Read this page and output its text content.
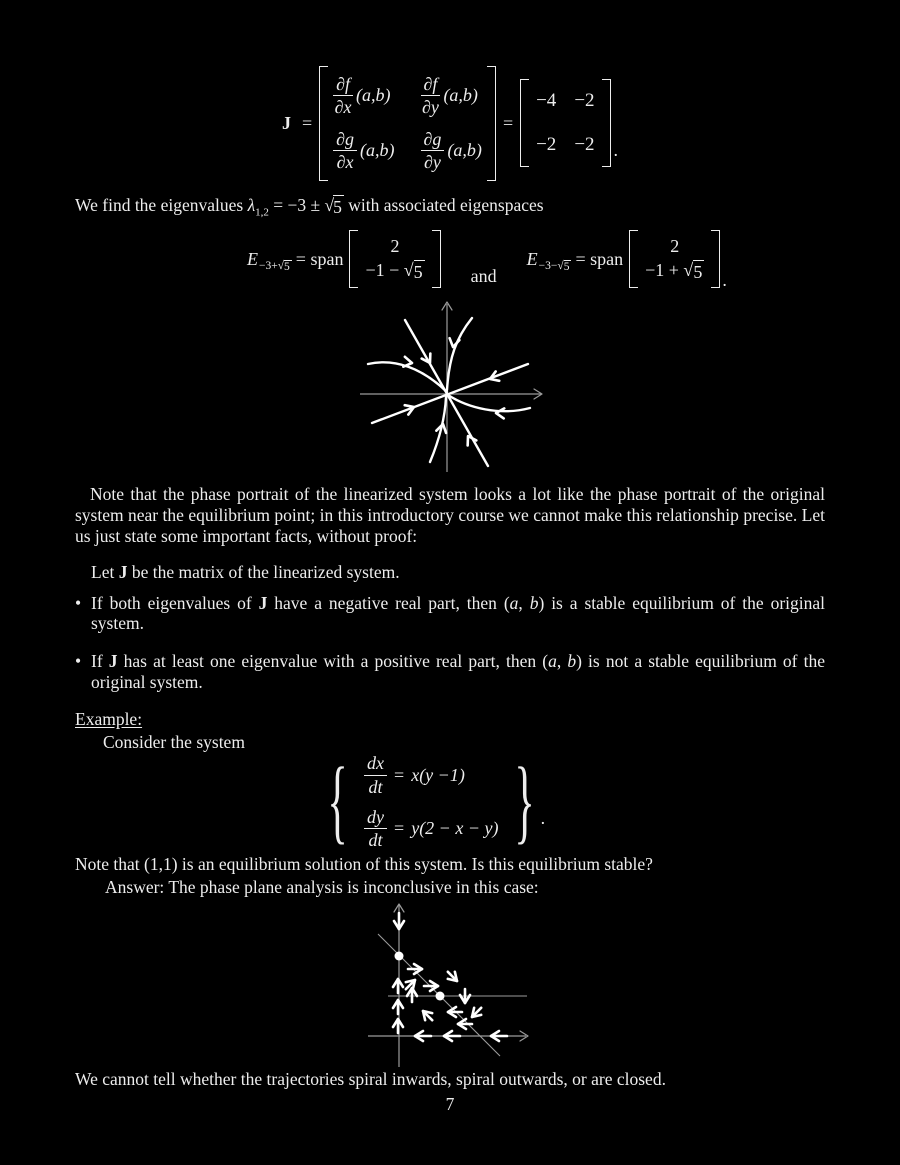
J =
$\frac{\partial f}{\partial x} (a,b) \frac{\partial f}{\partial y} (a,b)$
$\frac{\partial g}{\partial x} (a,b) \frac{\partial g}{\partial y} (a,b)$
=
−4 −2
−2 −2 .
We find the eigenvalues $\lambda_{1,2} = -3$ ± √ 5 with associated eigenspaces
E −3+ √ 5 = span
2
−1 − √ 5	and
E −3− √ 5 = span
2
−1 + √ 5 .
Note that the phase portrait of the linearized system looks a lot like the phase portrait of the original system near the equilibrium point; in this introductory course we cannot make this relationship precise. Let us just state some important facts, without proof:
Let J be the matrix of the linearized system.
• If both eigenvalues of J have a negative real part, then (a, b) is a stable equilibrium of the original system.
• If J has at least one eigenvalue with a positive real part, then (a, b) is not a stable equilibrium of the original system.
Example:
Consider the system
{ $\frac{dx}{dt} = x(y -1)$
$\frac{dy}{dt} = y(2 - x - y)$ } .
Note that (1,1) is an equilibrium solution of this system. Is this equilibrium stable?
Answer: The phase plane analysis is inconclusive in this case:
We cannot tell whether the trajectories spiral inwards, spiral outwards, or are closed.
7
